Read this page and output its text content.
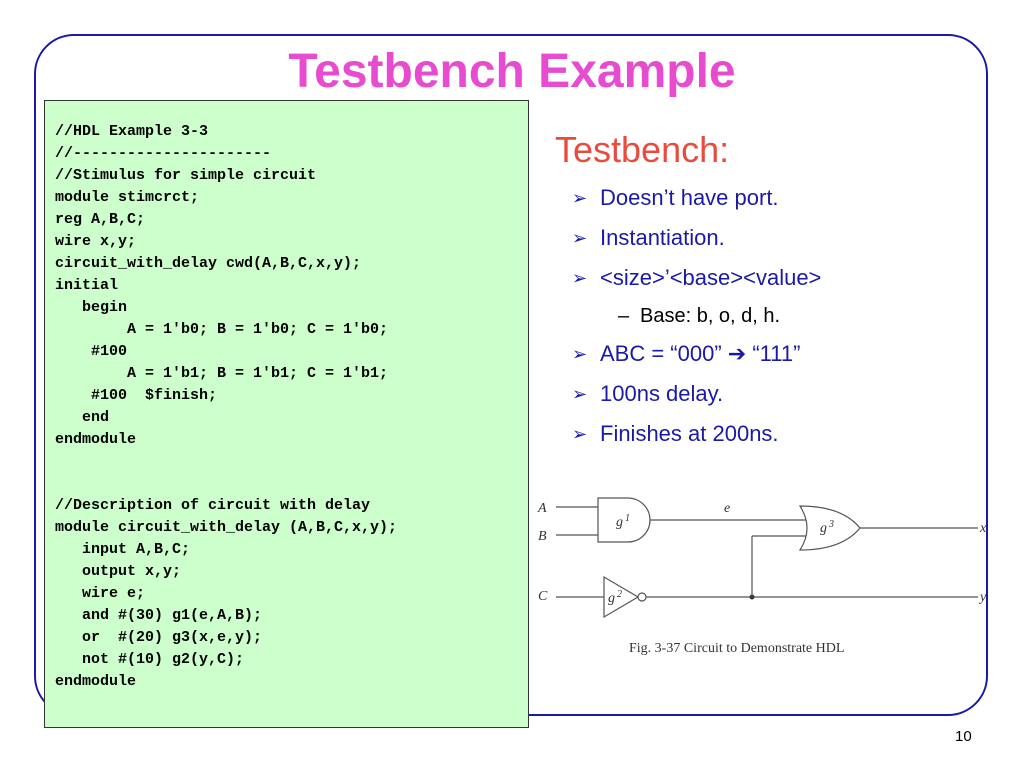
Testbench Example
//HDL Example 3-3
//----------------------
//Stimulus for simple circuit
module stimcrct;
reg A,B,C;
wire x,y;
circuit_with_delay cwd(A,B,C,x,y);
initial
begin
A = 1'b0; B = 1'b0; C = 1'b0;
#100
A = 1'b1; B = 1'b1; C = 1'b1;
#100  $finish;
end
endmodule
//Description of circuit with delay
module circuit_with_delay (A,B,C,x,y);
input A,B,C;
output x,y;
wire e;
and #(30) g1(e,A,B);
or  #(20) g3(x,e,y);
not #(10) g2(y,C);
endmodule
Testbench:
➢ Doesn’t have port.
➢ Instantiation.
➢ <size>’<base><value>
– Base: b, o, d, h.
➢ ABC = “000” ➔ “111”
➢ 100ns delay.
➢ Finishes at 200ns.
A
B
C
g 1
e
g 2
g 3	x
y
Fig. 3-37 Circuit to Demonstrate HDL
10
